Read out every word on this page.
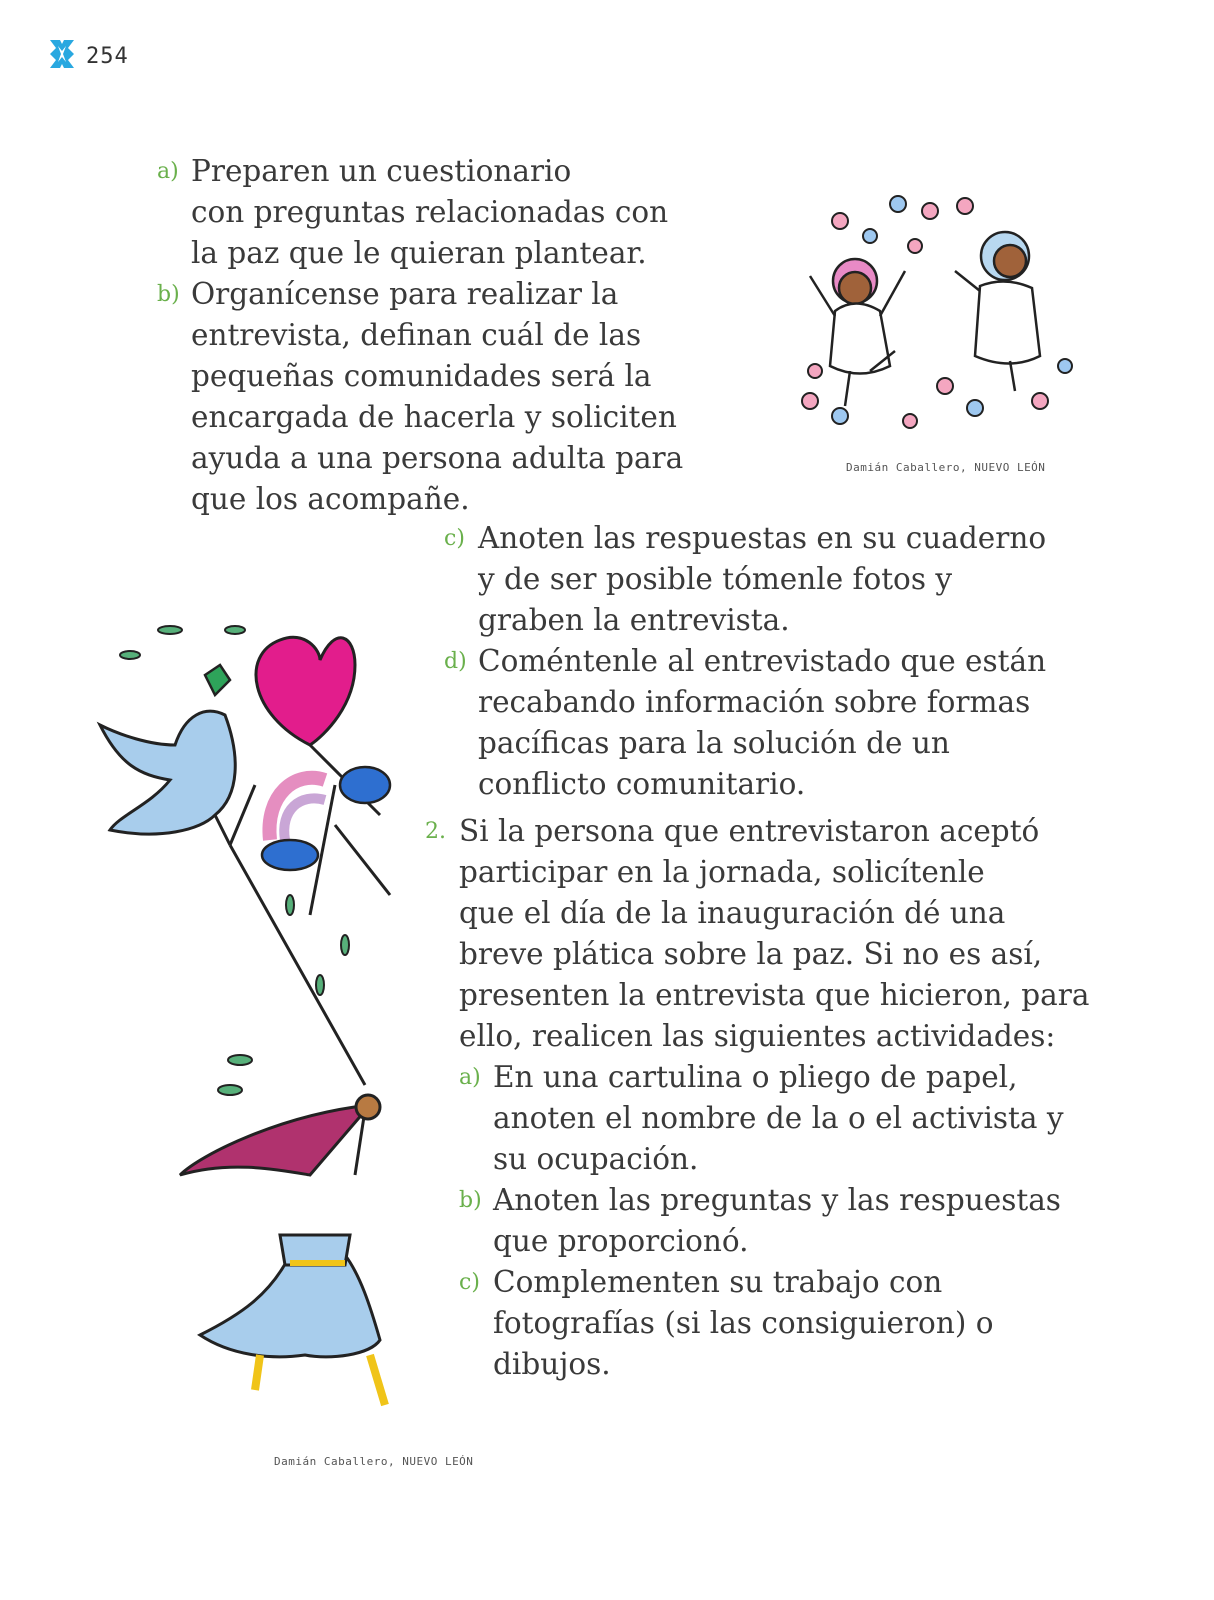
254
a) Preparen un cuestionario
con preguntas relacionadas con
la paz que le quieran plantear.
b) Organícense para realizar la
entrevista, definan cuál de las
pequeñas comunidades será la
encargada de hacerla y soliciten
ayuda a una persona adulta para
que los acompañe.
c) Anoten las respuestas en su cuaderno
y de ser posible tómenle fotos y
graben la entrevista.
d) Coméntenle al entrevistado que están
recabando información sobre formas
pacíficas para la solución de un
conflicto comunitario.
2. Si la persona que entrevistaron aceptó
participar en la jornada, solicítenle
que el día de la inauguración dé una
breve plática sobre la paz. Si no es así,
presenten la entrevista que hicieron, para
ello, realicen las siguientes actividades:
a) En una cartulina o pliego de papel,
anoten el nombre de la o el activista y
su ocupación.
b) Anoten las preguntas y las respuestas
que proporcionó.
c) Complementen su trabajo con
fotografías (si las consiguieron) o
dibujos.
Damián Caballero, NUEVO LEÓN
Damián Caballero, NUEVO LEÓN
